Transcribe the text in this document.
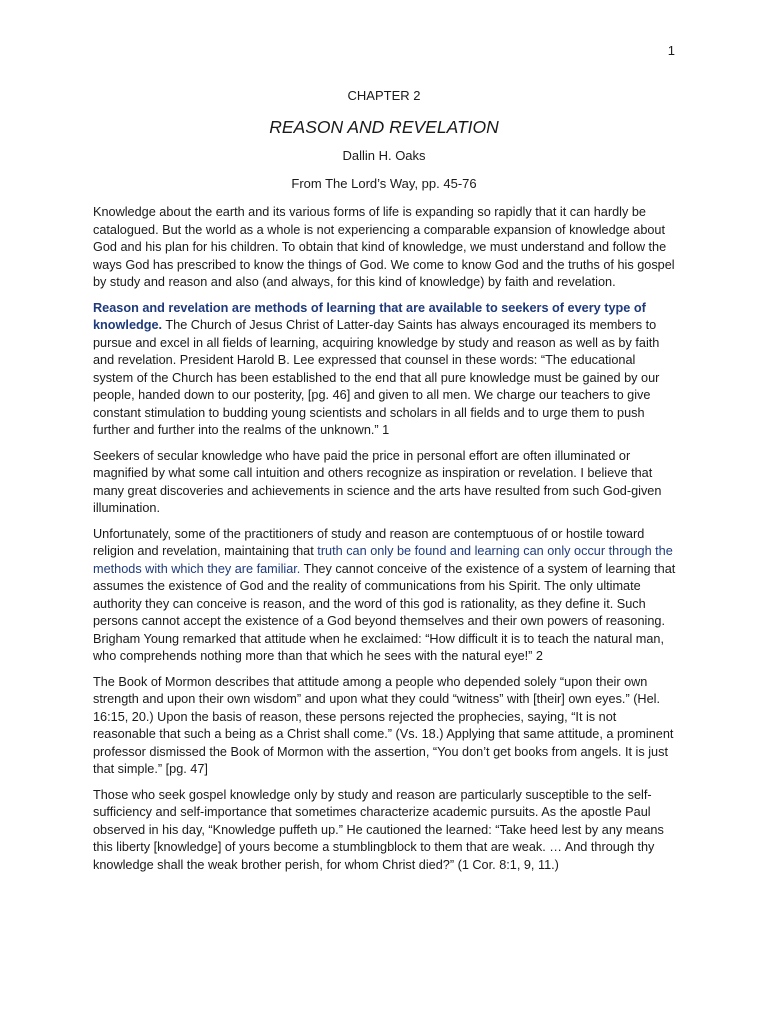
1
CHAPTER 2
REASON AND REVELATION
Dallin H. Oaks
From The Lord’s Way, pp. 45-76

Knowledge about the earth and its various forms of life is expanding so rapidly that it can hardly be catalogued. But the world as a whole is not experiencing a comparable expansion of knowledge about God and his plan for his children. To obtain that kind of knowledge, we must understand and follow the ways God has prescribed to know the things of God. We come to know God and the truths of his gospel by study and reason and also (and always, for this kind of knowledge) by faith and revelation.

Reason and revelation are methods of learning that are available to seekers of every type of knowledge. The Church of Jesus Christ of Latter-day Saints has always encouraged its members to pursue and excel in all fields of learning, acquiring knowledge by study and reason as well as by faith and revelation. President Harold B. Lee expressed that counsel in these words: “The educational system of the Church has been established to the end that all pure knowledge must be gained by our people, handed down to our posterity, [pg. 46] and given to all men. We charge our teachers to give constant stimulation to budding young scientists and scholars in all fields and to urge them to push further and further into the realms of the unknown.” 1

Seekers of secular knowledge who have paid the price in personal effort are often illuminated or magnified by what some call intuition and others recognize as inspiration or revelation. I believe that many great discoveries and achievements in science and the arts have resulted from such God-given illumination.

Unfortunately, some of the practitioners of study and reason are contemptuous of or hostile toward religion and revelation, maintaining that truth can only be found and learning can only occur through the methods with which they are familiar. They cannot conceive of the existence of a system of learning that assumes the existence of God and the reality of communications from his Spirit. The only ultimate authority they can conceive is reason, and the word of this god is rationality, as they define it. Such persons cannot accept the existence of a God beyond themselves and their own powers of reasoning. Brigham Young remarked that attitude when he exclaimed: “How difficult it is to teach the natural man, who comprehends nothing more than that which he sees with the natural eye!” 2

The Book of Mormon describes that attitude among a people who depended solely “upon their own strength and upon their own wisdom” and upon what they could “witness” with [their] own eyes.” (Hel. 16:15, 20.) Upon the basis of reason, these persons rejected the prophecies, saying, “It is not reasonable that such a being as a Christ shall come.” (Vs. 18.) Applying that same attitude, a prominent professor dismissed the Book of Mormon with the assertion, “You don’t get books from angels. It is just that simple.” [pg. 47]

Those who seek gospel knowledge only by study and reason are particularly susceptible to the self-sufficiency and self-importance that sometimes characterize academic pursuits. As the apostle Paul observed in his day, “Knowledge puffeth up.” He cautioned the learned: “Take heed lest by any means this liberty [knowledge] of yours become a stumblingblock to them that are weak. … And through thy knowledge shall the weak brother perish, for whom Christ died?” (1 Cor. 8:1, 9, 11.)
